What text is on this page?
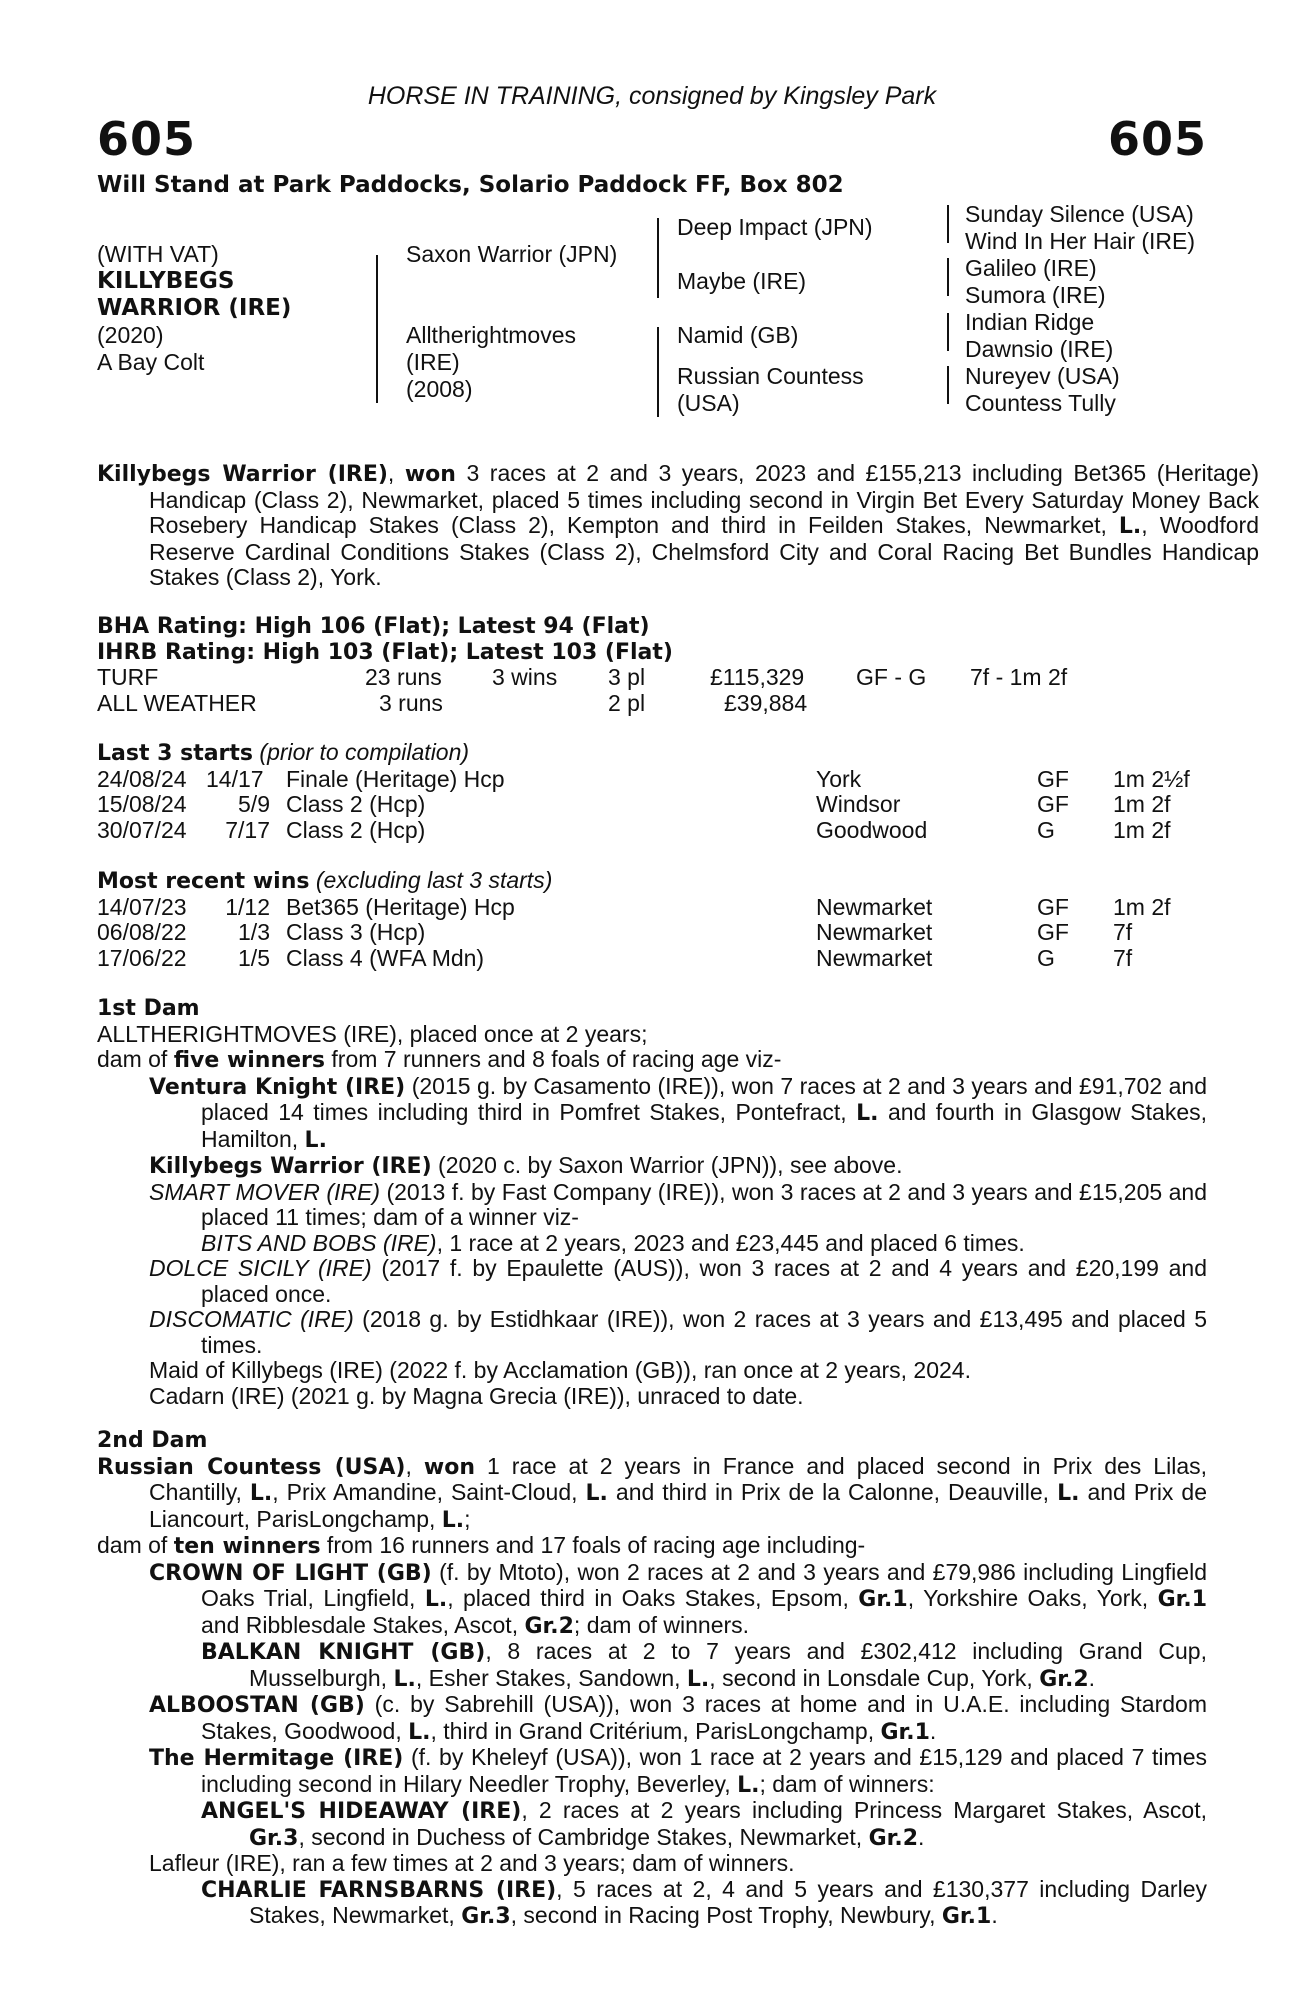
HORSE IN TRAINING, consigned by Kingsley Park
605	605
Will Stand at Park Paddocks, Solario Paddock FF, Box 802
(WITH VAT)
KILLYBEGS
WARRIOR (IRE)
(2020)
A Bay Colt
Saxon Warrior (JPN)
Alltherightmoves
(IRE)
(2008)
Deep Impact (JPN)
Maybe (IRE)
Namid (GB)
Russian Countess
(USA)
Sunday Silence (USA)
Wind In Her Hair (IRE)
Galileo (IRE)
Sumora (IRE)
Indian Ridge
Dawnsio (IRE)
Nureyev (USA)
Countess Tully
Killybegs Warrior (IRE), won 3 races at 2 and 3 years, 2023 and £155,213 including Bet365 (Heritage) Handicap (Class 2), Newmarket, placed 5 times including second in Virgin Bet Every Saturday Money Back Rosebery Handicap Stakes (Class 2), Kempton and third in Feilden Stakes, Newmarket, L., Woodford Reserve Cardinal Conditions Stakes (Class 2), Chelmsford City and Coral Racing Bet Bundles Handicap Stakes (Class 2), York.
BHA Rating: High 106 (Flat); Latest 94 (Flat)
IHRB Rating: High 103 (Flat); Latest 103 (Flat)
TURF	23 runs 3 wins 3 pl	£115,329 GF - G 7f - 1m 2f
ALL WEATHER	3 runs	2 pl	£39,884
Last 3 starts (prior to compilation)
24/08/24 14/17 Finale (Heritage) Hcp	York	GF 1m 2½f
15/08/24	5/9 Class 2 (Hcp)	Windsor	GF 1m 2f
30/07/24	7/17 Class 2 (Hcp)	Goodwood	G	1m 2f
Most recent wins (excluding last 3 starts)
14/07/23	1/12 Bet365 (Heritage) Hcp	Newmarket	GF 1m 2f
06/08/22	1/3 Class 3 (Hcp)	Newmarket	GF 7f
17/06/22	1/5 Class 4 (WFA Mdn)	Newmarket	G	7f
1st Dam
ALLTHERIGHTMOVES (IRE), placed once at 2 years;
dam of five winners from 7 runners and 8 foals of racing age viz-
Ventura Knight (IRE) (2015 g. by Casamento (IRE)), won 7 races at 2 and 3 years and £91,702 and placed 14 times including third in Pomfret Stakes, Pontefract, L. and fourth in Glasgow Stakes, Hamilton, L.
Killybegs Warrior (IRE) (2020 c. by Saxon Warrior (JPN)), see above.
SMART MOVER (IRE) (2013 f. by Fast Company (IRE)), won 3 races at 2 and 3 years and £15,205 and placed 11 times; dam of a winner viz-
BITS AND BOBS (IRE), 1 race at 2 years, 2023 and £23,445 and placed 6 times.
DOLCE SICILY (IRE) (2017 f. by Epaulette (AUS)), won 3 races at 2 and 4 years and £20,199 and placed once.
DISCOMATIC (IRE) (2018 g. by Estidhkaar (IRE)), won 2 races at 3 years and £13,495 and placed 5 times.
Maid of Killybegs (IRE) (2022 f. by Acclamation (GB)), ran once at 2 years, 2024.
Cadarn (IRE) (2021 g. by Magna Grecia (IRE)), unraced to date.
2nd Dam
Russian Countess (USA), won 1 race at 2 years in France and placed second in Prix des Lilas, Chantilly, L., Prix Amandine, Saint-Cloud, L. and third in Prix de la Calonne, Deauville, L. and Prix de Liancourt, ParisLongchamp, L.;
dam of ten winners from 16 runners and 17 foals of racing age including-
CROWN OF LIGHT (GB) (f. by Mtoto), won 2 races at 2 and 3 years and £79,986 including Lingfield Oaks Trial, Lingfield, L., placed third in Oaks Stakes, Epsom, Gr.1, Yorkshire Oaks, York, Gr.1 and Ribblesdale Stakes, Ascot, Gr.2; dam of winners.
BALKAN KNIGHT (GB), 8 races at 2 to 7 years and £302,412 including Grand Cup, Musselburgh, L., Esher Stakes, Sandown, L., second in Lonsdale Cup, York, Gr.2.
ALBOOSTAN (GB) (c. by Sabrehill (USA)), won 3 races at home and in U.A.E. including Stardom Stakes, Goodwood, L., third in Grand Critérium, ParisLongchamp, Gr.1.
The Hermitage (IRE) (f. by Kheleyf (USA)), won 1 race at 2 years and £15,129 and placed 7 times including second in Hilary Needler Trophy, Beverley, L.; dam of winners:
ANGEL'S HIDEAWAY (IRE), 2 races at 2 years including Princess Margaret Stakes, Ascot, Gr.3, second in Duchess of Cambridge Stakes, Newmarket, Gr.2.
Lafleur (IRE), ran a few times at 2 and 3 years; dam of winners.
CHARLIE FARNSBARNS (IRE), 5 races at 2, 4 and 5 years and £130,377 including Darley Stakes, Newmarket, Gr.3, second in Racing Post Trophy, Newbury, Gr.1.
